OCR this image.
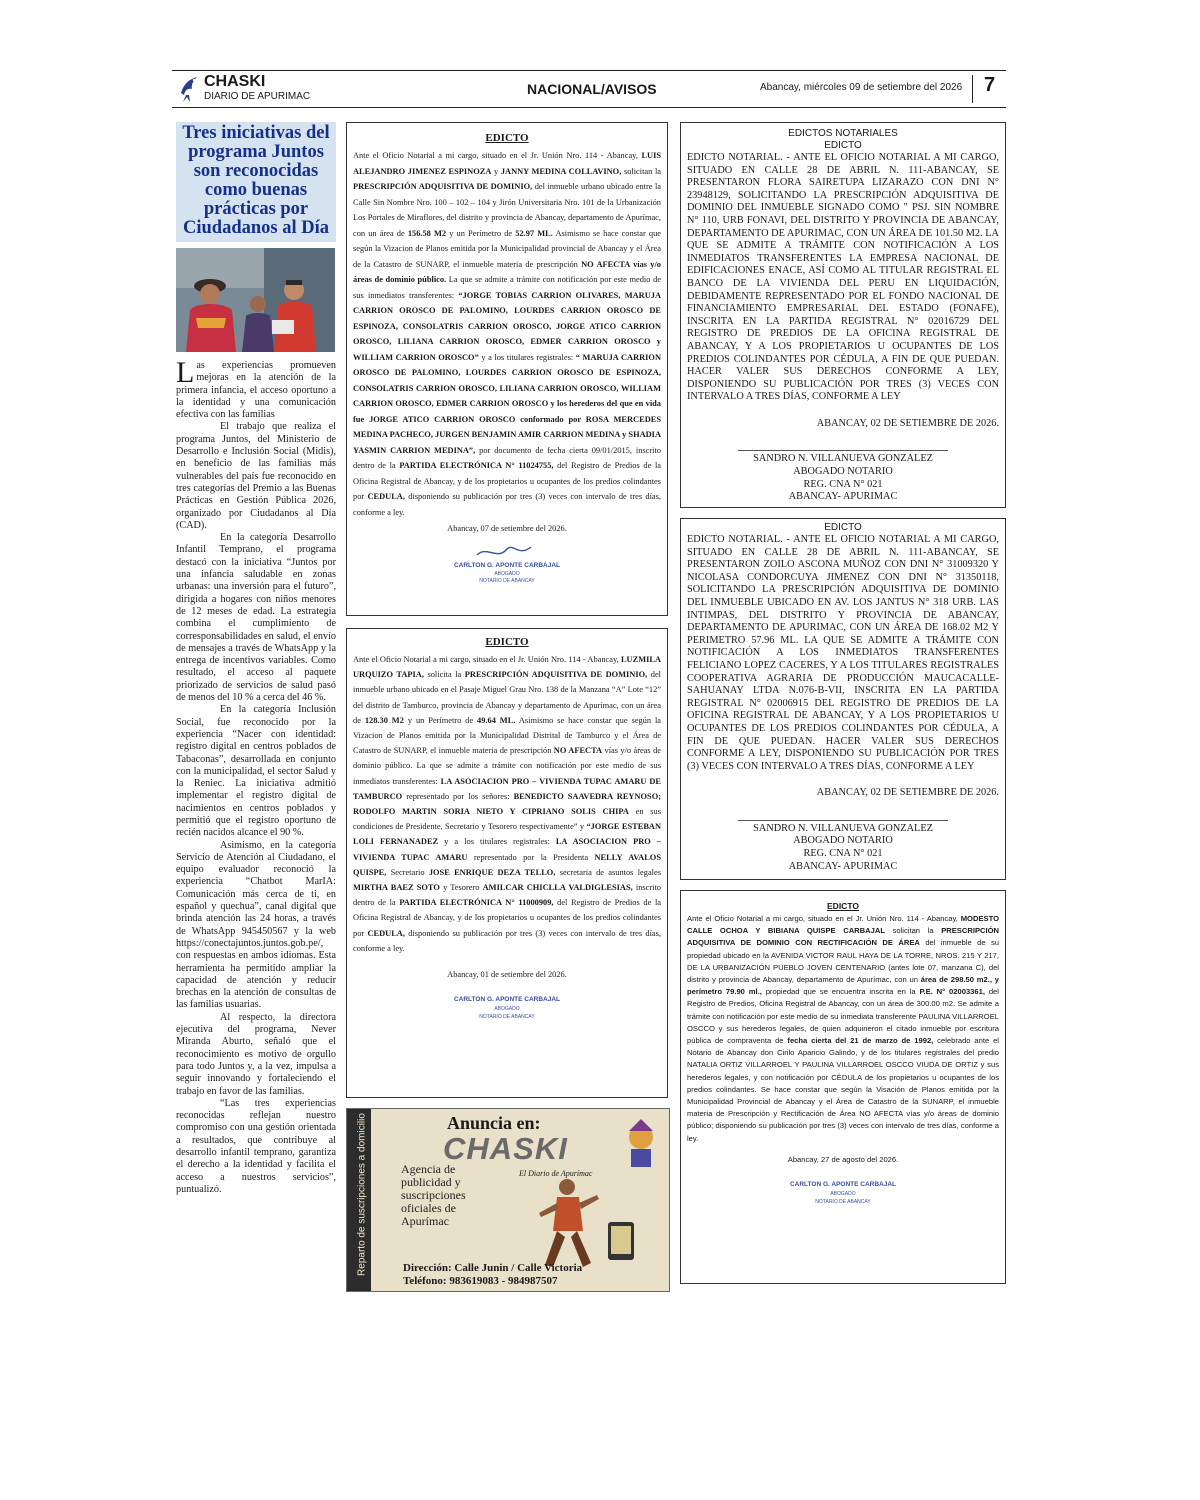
CHASKI
DIARIO DE APURIMAC	NACIONAL/AVISOS	Abancay, miércoles 09 de setiembre del 2026 7
Tres iniciativas del programa Juntos son reconocidas como buenas prácticas por Ciudadanos al Día

Las experiencias promueven mejoras en la atención de la primera infancia, el acceso oportuno a la identidad y una comunicación efectiva con las familias

El trabajo que realiza el programa Juntos, del Ministerio de Desarrollo e Inclusión Social (Midis), en beneficio de las familias más vulnerables del país fue reconocido en tres categorías del Premio a las Buenas Prácticas en Gestión Pública 2026, organizado por Ciudadanos al Día (CAD).

En la categoría Desarrollo Infantil Temprano, el programa destacó con la iniciativa “Juntos por una infancia saludable en zonas urbanas: una inversión para el futuro”, dirigida a hogares con niños menores de 12 meses de edad. La estrategia combina el cumplimiento de corresponsabilidades en salud, el envío de mensajes a través de WhatsApp y la entrega de incentivos variables. Como resultado, el acceso al paquete priorizado de servicios de salud pasó de menos del 10 % a cerca del 46 %.

En la categoría Inclusión Social, fue reconocido por la experiencia “Nacer con identidad: registro digital en centros poblados de Tabaconas”, desarrollada en conjunto con la municipalidad, el sector Salud y la Reniec. La iniciativa admitió implementar el registro digital de nacimientos en centros poblados y permitió que el registro oportuno de recién nacidos alcance el 90 %.

Asimismo, en la categoría Servicio de Atención al Ciudadano, el equipo evaluador reconoció la experiencia “Chatbot MarIA: Comunicación más cerca de ti, en español y quechua”, canal digital que brinda atención las 24 horas, a través de WhatsApp 945450567 y la web https://conectajuntos.juntos.gob.pe/, con respuestas en ambos idiomas. Esta herramienta ha permitido ampliar la capacidad de atención y reducir brechas en la atención de consultas de las familias usuarias.

Al respecto, la directora ejecutiva del programa, Never Miranda Aburto, señaló que el reconocimiento es motivo de orgullo para todo Juntos y, a la vez, impulsa a seguir innovando y fortaleciendo el trabajo en favor de las familias.

“Las tres experiencias reconocidas reflejan nuestro compromiso con una gestión orientada a resultados, que contribuye al desarrollo infantil temprano, garantiza el derecho a la identidad y facilita el acceso a nuestros servicios”, puntualizó.

EDICTO
Ante el Oficio Notarial a mi cargo, situado en el Jr. Unión Nro. 114 - Abancay, LUIS ALEJANDRO JIMENEZ ESPINOZA y JANNY MEDINA COLLAVINO, solicitan la PRESCRIPCIÓN ADQUISITIVA DE DOMINIO, del inmueble urbano ubicado entre la Calle Sin Nombre Nro. 100 – 102 – 104 y Jirón Universitaria Nro. 101 de la Urbanización Los Portales de Miraflores, del distrito y provincia de Abancay, departamento de Apurímac, con un área de 156.58 M2 y un Perímetro de 52.97 ML. Asimismo se hace constar que según la Vizacion de Planos emitida por la Municipalidad provincial de Abancay y el Área de la Catastro de SUNARP, el inmueble materia de prescripción NO AFECTA vías y/o áreas de dominio público. La que se admite a trámite con notificación por este medio de sus inmediatos transferentes: “JORGE TOBIAS CARRION OLIVARES, MARUJA CARRION OROSCO DE PALOMINO, LOURDES CARRION OROSCO DE ESPINOZA, CONSOLATRIS CARRION OROSCO, JORGE ATICO CARRION OROSCO, LILIANA CARRION OROSCO, EDMER CARRION OROSCO y WILLIAM CARRION OROSCO” y a los titulares registrales: “ MARUJA CARRION OROSCO DE PALOMINO, LOURDES CARRION OROSCO DE ESPINOZA, CONSOLATRIS CARRION OROSCO, LILIANA CARRION OROSCO, WILLIAM CARRION OROSCO, EDMER CARRION OROSCO y los herederos del que en vida fue JORGE ATICO CARRION OROSCO conformado por ROSA MERCEDES MEDINA PACHECO, JURGEN BENJAMIN AMIR CARRION MEDINA y SHADIA YASMIN CARRION MEDINA”, por documento de fecha cierta 09/01/2015, inscrito dentro de la PARTIDA ELECTRÓNICA N° 11024755, del Registro de Predios de la Oficina Registral de Abancay, y de los propietarios u ocupantes de los predios colindantes por CEDULA, disponiendo su publicación por tres (3) veces con intervalo de tres días, conforme a ley.
Abancay, 07 de setiembre del 2026.
CARLTON G. APONTE CARBAJAL
ABOGADO
NOTARIO DE ABANCAY
EDICTO
Ante el Oficio Notarial a mi cargo, situado en el Jr. Unión Nro. 114 - Abancay, LUZMILA URQUIZO TAPIA, solicita la PRESCRIPCIÓN ADQUISITIVA DE DOMINIO, del inmueble urbano ubicado en el Pasaje Miguel Grau Nro. 138 de la Manzana “A” Lote “12” del distrito de Tamburco, provincia de Abancay y departamento de Apurímac, con un área de 128.30 M2 y un Perímetro de 49.64 ML. Asimismo se hace constar que según la Vizacion de Planos emitida por la Municipalidad Distrital de Tamburco y el Área de Catastro de SUNARP, el inmueble materia de prescripción NO AFECTA vías y/o áreas de dominio público. La que se admite a trámite con notificación por este medio de sus inmediatos transferentes: LA ASOCIACION PRO – VIVIENDA TUPAC AMARU DE TAMBURCO representado por los señores: BENEDICTO SAAVEDRA REYNOSO; RODOLFO MARTIN SORIA NIETO Y CIPRIANO SOLIS CHIPA en sus condiciones de Presidente, Secretario y Tesorero respectivamente” y “JORGE ESTEBAN LOLI FERNANADEZ y a los titulares registrales: LA ASOCIACION PRO – VIVIENDA TUPAC AMARU representado por la Presidenta NELLY AVALOS QUISPE, Secretario JOSE ENRIQUE DEZA TELLO, secretaria de asuntos legales MIRTHA BAEZ SOTO y Tesorero AMILCAR CHICLLA VALDIGLESIAS, inscrito dentro de la PARTIDA ELECTRÓNICA N° 11000909, del Registro de Predios de la Oficina Registral de Abancay, y de los propietarios u ocupantes de los predios colindantes por CEDULA, disponiendo su publicación por tres (3) veces con intervalo de tres días, conforme a ley.
Abancay, 01 de setiembre del 2026.
CARLTON G. APONTE CARBAJAL
ABOGADO
NOTARIO DE ABANCAY
Reparto de suscripciones a domicilio	Anuncia en:
CHASKI
El Diario de Apurímac
Agencia de
publicidad y
suscripciones
oficiales de
Apurímac
Dirección: Calle Junin / Calle Victoria
Teléfono: 983619083 - 984987507
EDICTOS NOTARIALES
EDICTO
EDICTO NOTARIAL. - ANTE EL OFICIO NOTARIAL A MI CARGO, SITUADO EN CALLE 28 DE ABRIL N. 111-ABANCAY, SE PRESENTARON FLORA SAIRETUPA LIZARAZO CON DNI N° 23948129, SOLICITANDO LA PRESCRIPCIÓN ADQUISITIVA DE DOMINIO DEL INMUEBLE SIGNADO COMO " PSJ. SIN NOMBRE N° 110, URB FONAVI, DEL DISTRITO Y PROVINCIA DE ABANCAY, DEPARTAMENTO DE APURIMAC, CON UN ÁREA DE 101.50 M2. LA QUE SE ADMITE A TRÁMITE CON NOTIFICACIÓN A LOS INMEDIATOS TRANSFERENTES LA EMPRESA NACIONAL DE EDIFICACIONES ENACE, ASÍ COMO AL TITULAR REGISTRAL EL BANCO DE LA VIVIENDA DEL PERU EN LIQUIDACIÓN, DEBIDAMENTE REPRESENTADO POR EL FONDO NACIONAL DE FINANCIAMIENTO EMPRESARIAL DEL ESTADO (FONAFE), INSCRITA EN LA PARTIDA REGISTRAL N° 02016729 DEL REGISTRO DE PREDIOS DE LA OFICINA REGISTRAL DE ABANCAY, Y A LOS PROPIETARIOS U OCUPANTES DE LOS PREDIOS COLINDANTES POR CÉDULA, A FIN DE QUE PUEDAN. HACER VALER SUS DERECHOS CONFORME A LEY, DISPONIENDO SU PUBLICACIÓN POR TRES (3) VECES CON INTERVALO A TRES DÍAS, CONFORME A LEY
ABANCAY, 02 DE SETIEMBRE DE 2026.
SANDRO N. VILLANUEVA GONZALEZ
ABOGADO NOTARIO
REG. CNA N° 021
ABANCAY- APURIMAC
EDICTO
EDICTO NOTARIAL. - ANTE EL OFICIO NOTARIAL A MI CARGO, SITUADO EN CALLE 28 DE ABRIL N. 111-ABANCAY, SE PRESENTARON ZOILO ASCONA MUÑOZ CON DNI N° 31009320 Y NICOLASA CONDORCUYA JIMENEZ CON DNI N° 31350118, SOLICITANDO LA PRESCRIPCIÓN ADQUISITIVA DE DOMINIO DEL INMUEBLE UBICADO EN AV. LOS JANTUS N° 318 URB. LAS INTIMPAS, DEL DISTRITO Y PROVINCIA DE ABANCAY, DEPARTAMENTO DE APURIMAC, CON UN ÁREA DE 168.02 M2 Y PERIMETRO 57.96 ML. LA QUE SE ADMITE A TRÁMITE CON NOTIFICACIÓN A LOS INMEDIATOS TRANSFERENTES FELICIANO LOPEZ CACERES, Y A LOS TITULARES REGISTRALES COOPERATIVA AGRARIA DE PRODUCCIÓN MAUCACALLE-SAHUANAY LTDA N.076-B-VII, INSCRITA EN LA PARTIDA REGISTRAL N° 02006915 DEL REGISTRO DE PREDIOS DE LA OFICINA REGISTRAL DE ABANCAY, Y A LOS PROPIETARIOS U OCUPANTES DE LOS PREDIOS COLINDANTES POR CÉDULA, A FIN DE QUE PUEDAN. HACER VALER SUS DERECHOS CONFORME A LEY, DISPONIENDO SU PUBLICACIÓN POR TRES (3) VECES CON INTERVALO A TRES DÍAS, CONFORME A LEY
ABANCAY, 02 DE SETIEMBRE DE 2026.
SANDRO N. VILLANUEVA GONZALEZ
ABOGADO NOTARIO
REG. CNA N° 021
ABANCAY- APURIMAC
EDICTO
Ante el Oficio Notarial a mi cargo, situado en el Jr. Unión Nro. 114 - Abancay, MODESTO CALLE OCHOA Y BIBIANA QUISPE CARBAJAL solicitan la PRESCRIPCIÓN ADQUISITIVA DE DOMINIO CON RECTIFICACIÓN DE ÁREA del inmueble de su propiedad ubicado en la AVENIDA VICTOR RAUL HAYA DE LA TORRE, NROS. 215 Y 217, DE LA URBANIZACIÓN PUEBLO JOVEN CENTENARIO (antes lote 07, manzana C), del distrito y provincia de Abancay, departamento de Apurímac, con un área de 298.50 m2., y perímetro 79.90 ml., propiedad que se encuentra inscrita en la P.E. N° 02003361, del Registro de Predios, Oficina Registral de Abancay, con un área de 300.00 m2. Se admite a trámite con notificación por este medio de su inmediata transferente PAULINA VILLARROEL OSCCO y sus herederos legales, de quien adquirieron el citado inmueble por escritura pública de compraventa de fecha cierta del 21 de marzo de 1992, celebrado ante el Notario de Abancay don Cirilo Aparicio Galindo, y de los titulares registrales del predio NATALIA ORTIZ VILLARROEL Y PAULINA VILLARROEL OSCCO VIUDA DE ORTIZ y sus herederos legales, y con notificación por CÉDULA de los propietarios u ocupantes de los predios colindantes. Se hace constar que según la Visación de Planos emitida por la Municipalidad Provincial de Abancay y el Área de Catastro de la SUNARP, el inmueble materia de Prescripción y Rectificación de Área NO AFECTA vías y/o áreas de dominio público; disponiendo su publicación por tres (3) veces con intervalo de tres días, conforme a ley.
Abancay, 27 de agosto del 2026.
CARLTON G. APONTE CARBAJAL
ABOGADO
NOTARIO DE ABANCAY
